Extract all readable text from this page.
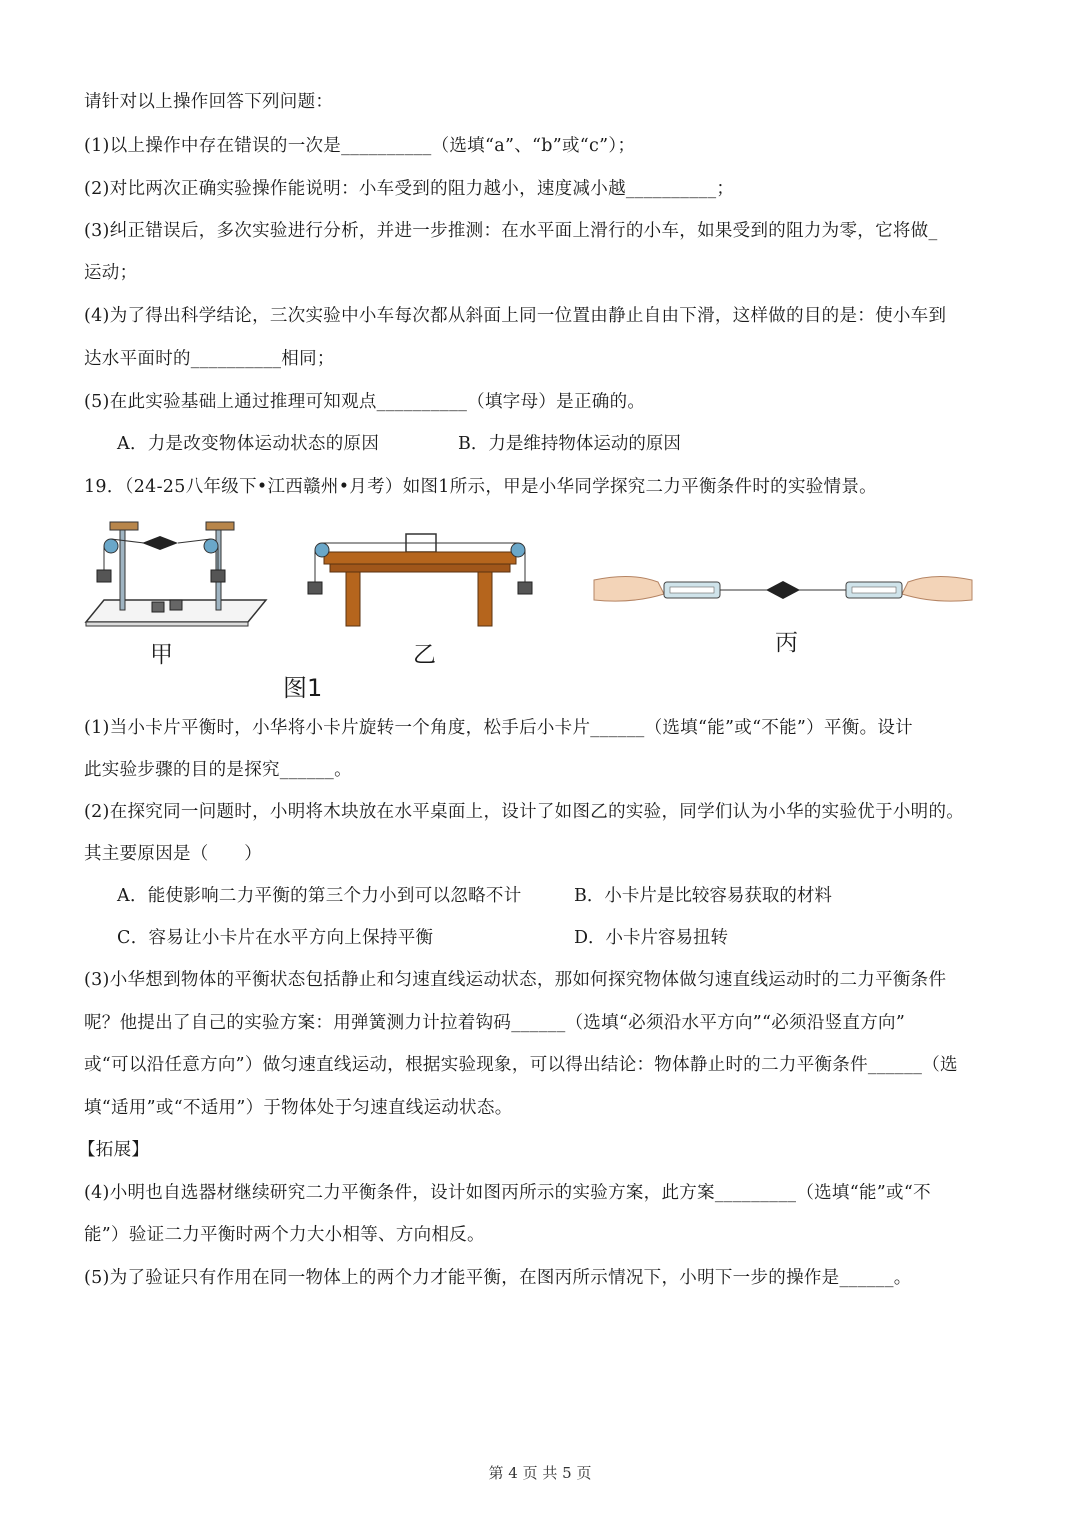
请针对以上操作回答下列问题：
(1)以上操作中存在错误的一次是__________（选填“a”、“b”或“c”）；
(2)对比两次正确实验操作能说明：小车受到的阻力越小，速度减小越__________；
(3)纠正错误后，多次实验进行分析，并进一步推测：在水平面上滑行的小车，如果受到的阻力为零，它将做_
运动；
(4)为了得出科学结论，三次实验中小车每次都从斜面上同一位置由静止自由下滑，这样做的目的是：使小车到
达水平面时的__________相同；
(5)在此实验基础上通过推理可知观点__________（填字母）是正确的。
A．力是改变物体运动状态的原因	B．力是维持物体运动的原因
19．（24-25八年级下•江西赣州•月考）如图1所示，甲是小华同学探究二力平衡条件时的实验情景。
甲	乙	丙
图1
(1)当小卡片平衡时，小华将小卡片旋转一个角度，松手后小卡片______（选填“能”或“不能”）平衡。设计
此实验步骤的目的是探究______。
(2)在探究同一问题时，小明将木块放在水平桌面上，设计了如图乙的实验，同学们认为小华的实验优于小明的。
其主要原因是（　　）
A．能使影响二力平衡的第三个力小到可以忽略不计	B．小卡片是比较容易获取的材料
C．容易让小卡片在水平方向上保持平衡	D．小卡片容易扭转
(3)小华想到物体的平衡状态包括静止和匀速直线运动状态，那如何探究物体做匀速直线运动时的二力平衡条件
呢？他提出了自己的实验方案：用弹簧测力计拉着钩码______（选填“必须沿水平方向”“必须沿竖直方向”
或“可以沿任意方向”）做匀速直线运动，根据实验现象，可以得出结论：物体静止时的二力平衡条件______（选
填“适用”或“不适用”）于物体处于匀速直线运动状态。
【拓展】
(4)小明也自选器材继续研究二力平衡条件，设计如图丙所示的实验方案，此方案_________（选填“能”或“不
能”）验证二力平衡时两个力大小相等、方向相反。
(5)为了验证只有作用在同一物体上的两个力才能平衡，在图丙所示情况下，小明下一步的操作是______。
第 4 页 共 5 页
